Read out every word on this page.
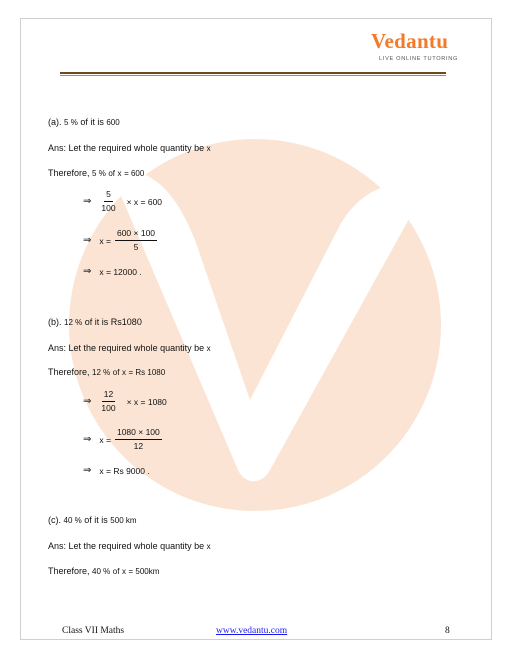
Vedantu
LIVE ONLINE TUTORING
(a). 5 % of it is 600
Ans: Let the required whole quantity be x
Therefore, 5 % of x = 600
⇒ $\frac{5}{100} \times x = 600$
⇒ $x = \frac{600 \times 100}{5}$
⇒ x = 12000 .
(b). 12 % of it is Rs1080
Ans: Let the required whole quantity be x
Therefore, 12 % of x = Rs 1080
⇒ $\frac{12}{100} \times x = 1080$
⇒ $x = \frac{1080 \times 100}{12}$
⇒ x = Rs 9000 .
(c). 40 % of it is 500 km
Ans: Let the required whole quantity be x
Therefore, 40 % of x = 500km
Class VII Maths	www.vedantu.com	8
